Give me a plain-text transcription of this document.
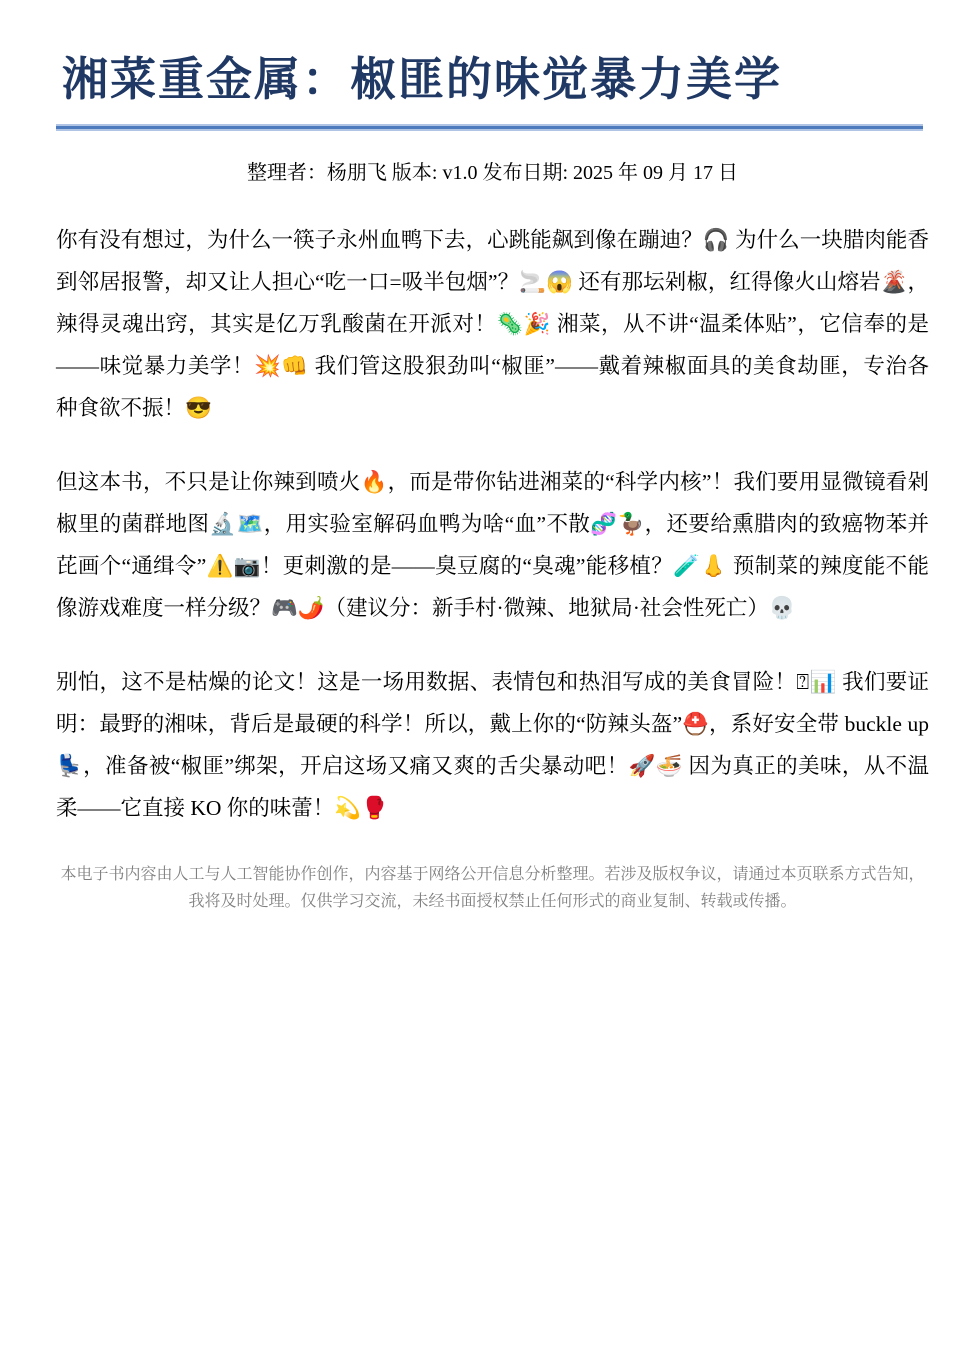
湘菜重金属：椒匪的味觉暴力美学

整理者：杨朋飞 版本: v1.0 发布日期: 2025 年 09 月 17 日

你有没有想过，为什么一筷子永州血鸭下去，心跳能飙到像在蹦迪？🎧 为什么一块腊肉能香到邻居报警，却又让人担心“吃一口=吸半包烟”？🚬😱 还有那坛剁椒，红得像火山熔岩🌋，辣得灵魂出窍，其实是亿万乳酸菌在开派对！🦠🎉 湘菜，从不讲“温柔体贴”，它信奉的是——味觉暴力美学！💥👊 我们管这股狠劲叫“椒匪”——戴着辣椒面具的美食劫匪，专治各种食欲不振！😎

但这本书，不只是让你辣到喷火🔥，而是带你钻进湘菜的“科学内核”！我们要用显微镜看剁椒里的菌群地图🔬🗺️，用实验室解码血鸭为啥“血”不散🧬🦆，还要给熏腊肉的致癌物苯并芘画个“通缉令”⚠️📷！更刺激的是——臭豆腐的“臭魂”能移植？🧪👃 预制菜的辣度能不能像游戏难度一样分级？🎮🌶️（建议分：新手村·微辣、地狱局·社会性死亡）💀

别怕，这不是枯燥的论文！这是一场用数据、表情包和热泪写成的美食冒险！⍰📊 我们要证明：最野的湘味，背后是最硬的科学！所以，戴上你的“防辣头盔”⛑️，系好安全带 buckle up 💺，准备被“椒匪”绑架，开启这场又痛又爽的舌尖暴动吧！🚀🍜 因为真正的美味，从不温柔——它直接 KO 你的味蕾！💫🥊

本电子书内容由人工与人工智能协作创作，内容基于网络公开信息分析整理。若涉及版权争议，请通过本页联系方式告知，我将及时处理。仅供学习交流，未经书面授权禁止任何形式的商业复制、转载或传播。
